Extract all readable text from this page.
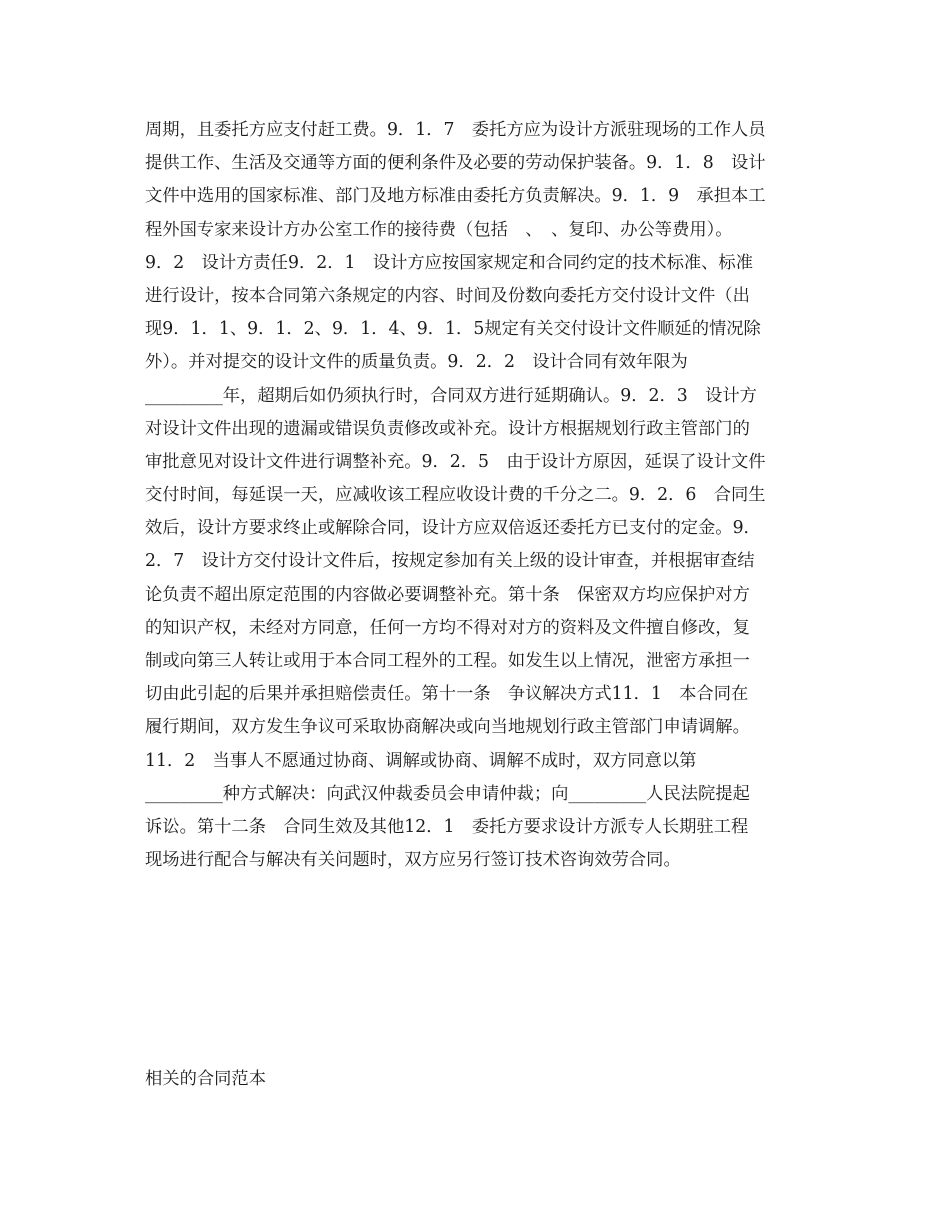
周期，且委托方应支付赶工费。9．1．7　委托方应为设计方派驻现场的工作人员
提供工作、生活及交通等方面的便利条件及必要的劳动保护装备。9．1．8　设计
文件中选用的国家标准、部门及地方标准由委托方负责解决。9．1．9　承担本工
程外国专家来设计方办公室工作的接待费（包括　、　、复印、办公等费用）。
9．2　设计方责任9．2．1　设计方应按国家规定和合同约定的技术标准、标准
进行设计，按本合同第六条规定的内容、时间及份数向委托方交付设计文件（出
现9．1．1、9．1．2、9．1．4、9．1．5规定有关交付设计文件顺延的情况除
外）。并对提交的设计文件的质量负责。9．2．2　设计合同有效年限为
_________年，超期后如仍须执行时，合同双方进行延期确认。9．2．3　设计方
对设计文件出现的遗漏或错误负责修改或补充。设计方根据规划行政主管部门的
审批意见对设计文件进行调整补充。9．2．5　由于设计方原因，延误了设计文件
交付时间，每延误一天，应减收该工程应收设计费的千分之二。9．2．6　合同生
效后，设计方要求终止或解除合同，设计方应双倍返还委托方已支付的定金。9．
2．7　设计方交付设计文件后，按规定参加有关上级的设计审查，并根据审查结
论负责不超出原定范围的内容做必要调整补充。第十条　保密双方均应保护对方
的知识产权，未经对方同意，任何一方均不得对对方的资料及文件擅自修改，复
制或向第三人转让或用于本合同工程外的工程。如发生以上情况，泄密方承担一
切由此引起的后果并承担赔偿责任。第十一条　争议解决方式11．1　本合同在
履行期间，双方发生争议可采取协商解决或向当地规划行政主管部门申请调解。
11．2　当事人不愿通过协商、调解或协商、调解不成时，双方同意以第
_________种方式解决：向武汉仲裁委员会申请仲裁；向_________人民法院提起
诉讼。第十二条　合同生效及其他12．1　委托方要求设计方派专人长期驻工程
现场进行配合与解决有关问题时，双方应另行签订技术咨询效劳合同。
相关的合同范本
